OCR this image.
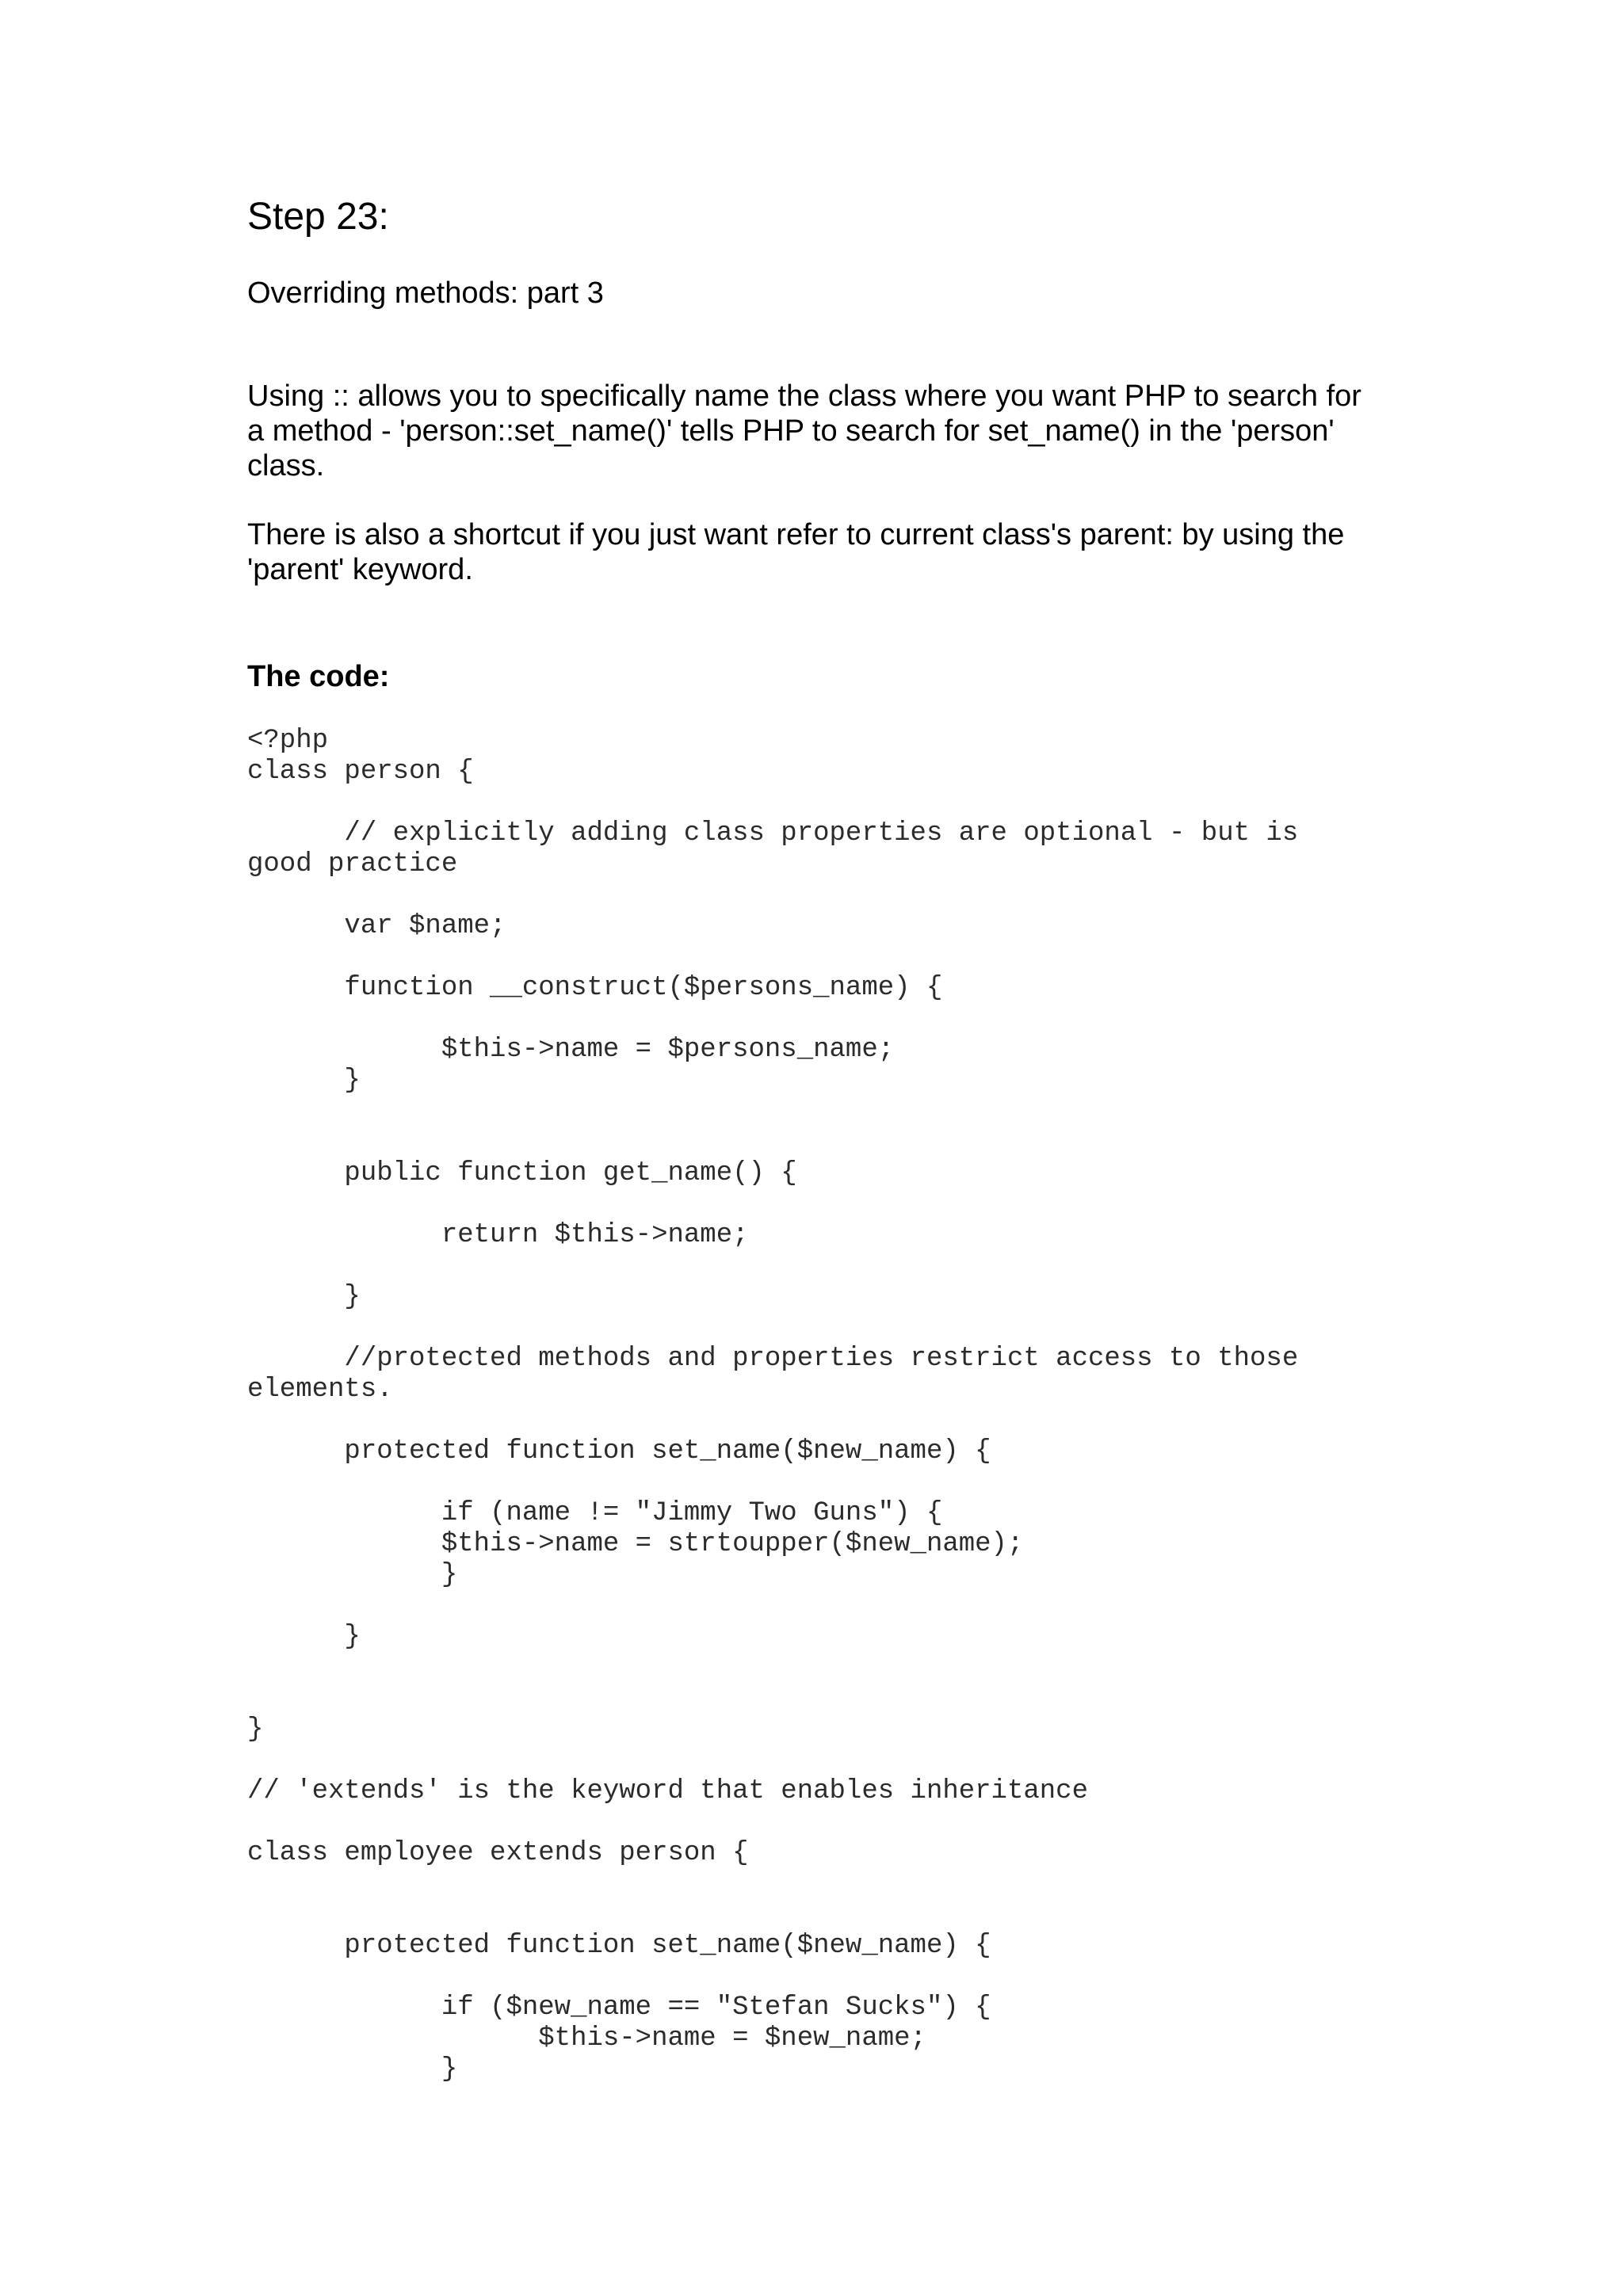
Step 23:

Overriding methods: part 3

Using :: allows you to specifically name the class where you want PHP to search for
a method - 'person::set_name()' tells PHP to search for set_name() in the 'person'
class.

There is also a shortcut if you just want refer to current class's parent: by using the
'parent' keyword.

The code:

<?php
class person {
// explicitly adding class properties are optional - but is
good practice
var $name;
function __construct($persons_name) {
$this->name = $persons_name;
}
public function get_name() {
return $this->name;
}
//protected methods and properties restrict access to those
elements.
protected function set_name($new_name) {
if (name != "Jimmy Two Guns") {
$this->name = strtoupper($new_name);
}
}
}
// 'extends' is the keyword that enables inheritance
class employee extends person {
protected function set_name($new_name) {
if ($new_name == "Stefan Sucks") {
$this->name = $new_name;
}
